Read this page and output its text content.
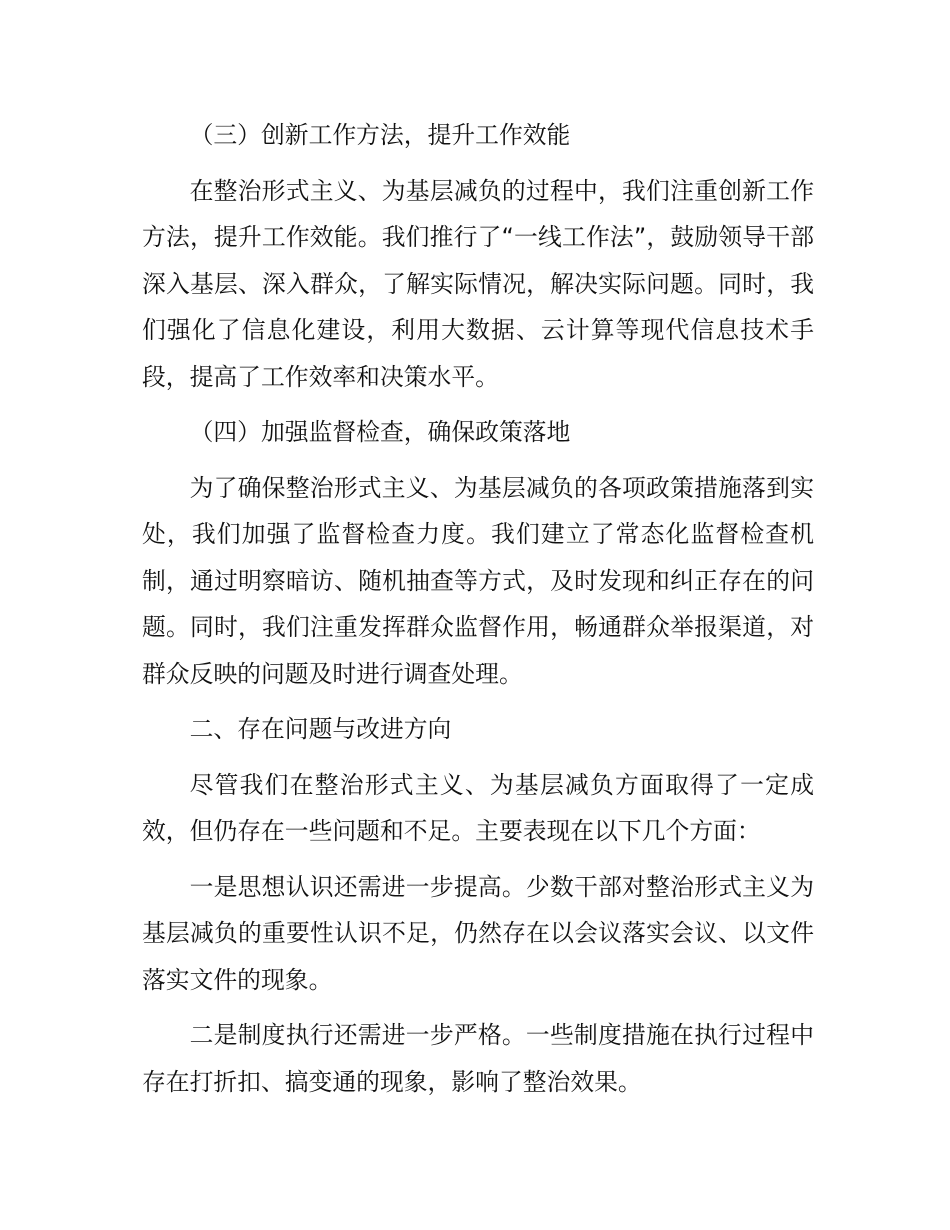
（三）创新工作方法，提升工作效能

在整治形式主义、为基层减负的过程中，我们注重创新工作方法，提升工作效能。我们推行了“一线工作法”，鼓励领导干部深入基层、深入群众，了解实际情况，解决实际问题。同时，我们强化了信息化建设，利用大数据、云计算等现代信息技术手段，提高了工作效率和决策水平。

（四）加强监督检查，确保政策落地

为了确保整治形式主义、为基层减负的各项政策措施落到实处，我们加强了监督检查力度。我们建立了常态化监督检查机制，通过明察暗访、随机抽查等方式，及时发现和纠正存在的问题。同时，我们注重发挥群众监督作用，畅通群众举报渠道，对群众反映的问题及时进行调查处理。

二、存在问题与改进方向

尽管我们在整治形式主义、为基层减负方面取得了一定成效，但仍存在一些问题和不足。主要表现在以下几个方面：

一是思想认识还需进一步提高。少数干部对整治形式主义为基层减负的重要性认识不足，仍然存在以会议落实会议、以文件落实文件的现象。

二是制度执行还需进一步严格。一些制度措施在执行过程中存在打折扣、搞变通的现象，影响了整治效果。
